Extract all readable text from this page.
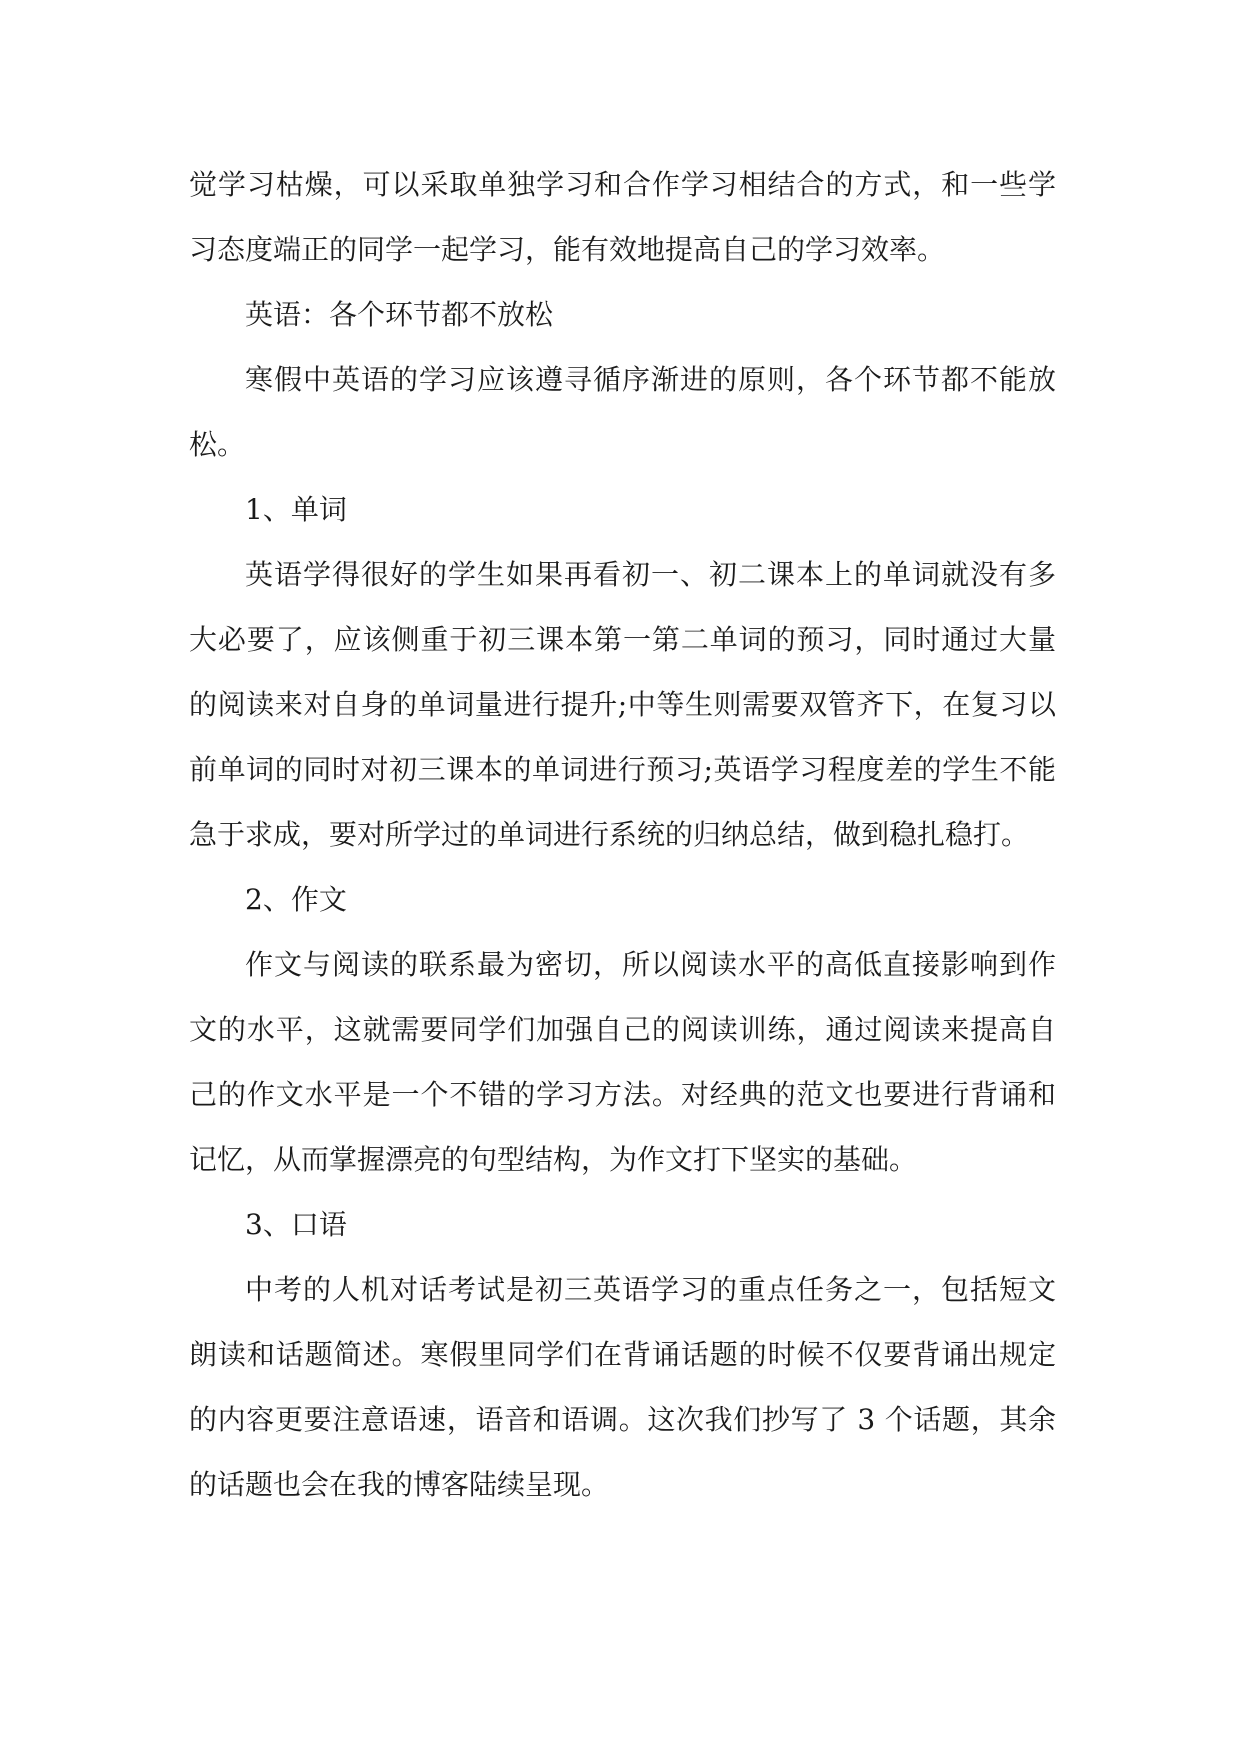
觉学习枯燥，可以采取单独学习和合作学习相结合的方式，和一些学习态度端正的同学一起学习，能有效地提高自己的学习效率。

英语：各个环节都不放松

寒假中英语的学习应该遵寻循序渐进的原则，各个环节都不能放松。

1、单词

英语学得很好的学生如果再看初一、初二课本上的单词就没有多大必要了，应该侧重于初三课本第一第二单词的预习，同时通过大量的阅读来对自身的单词量进行提升;中等生则需要双管齐下，在复习以前单词的同时对初三课本的单词进行预习;英语学习程度差的学生不能急于求成，要对所学过的单词进行系统的归纳总结，做到稳扎稳打。

2、作文

作文与阅读的联系最为密切，所以阅读水平的高低直接影响到作文的水平，这就需要同学们加强自己的阅读训练，通过阅读来提高自己的作文水平是一个不错的学习方法。对经典的范文也要进行背诵和记忆，从而掌握漂亮的句型结构，为作文打下坚实的基础。

3、口语

中考的人机对话考试是初三英语学习的重点任务之一，包括短文朗读和话题简述。寒假里同学们在背诵话题的时候不仅要背诵出规定的内容更要注意语速，语音和语调。这次我们抄写了 3 个话题，其余的话题也会在我的博客陆续呈现。
